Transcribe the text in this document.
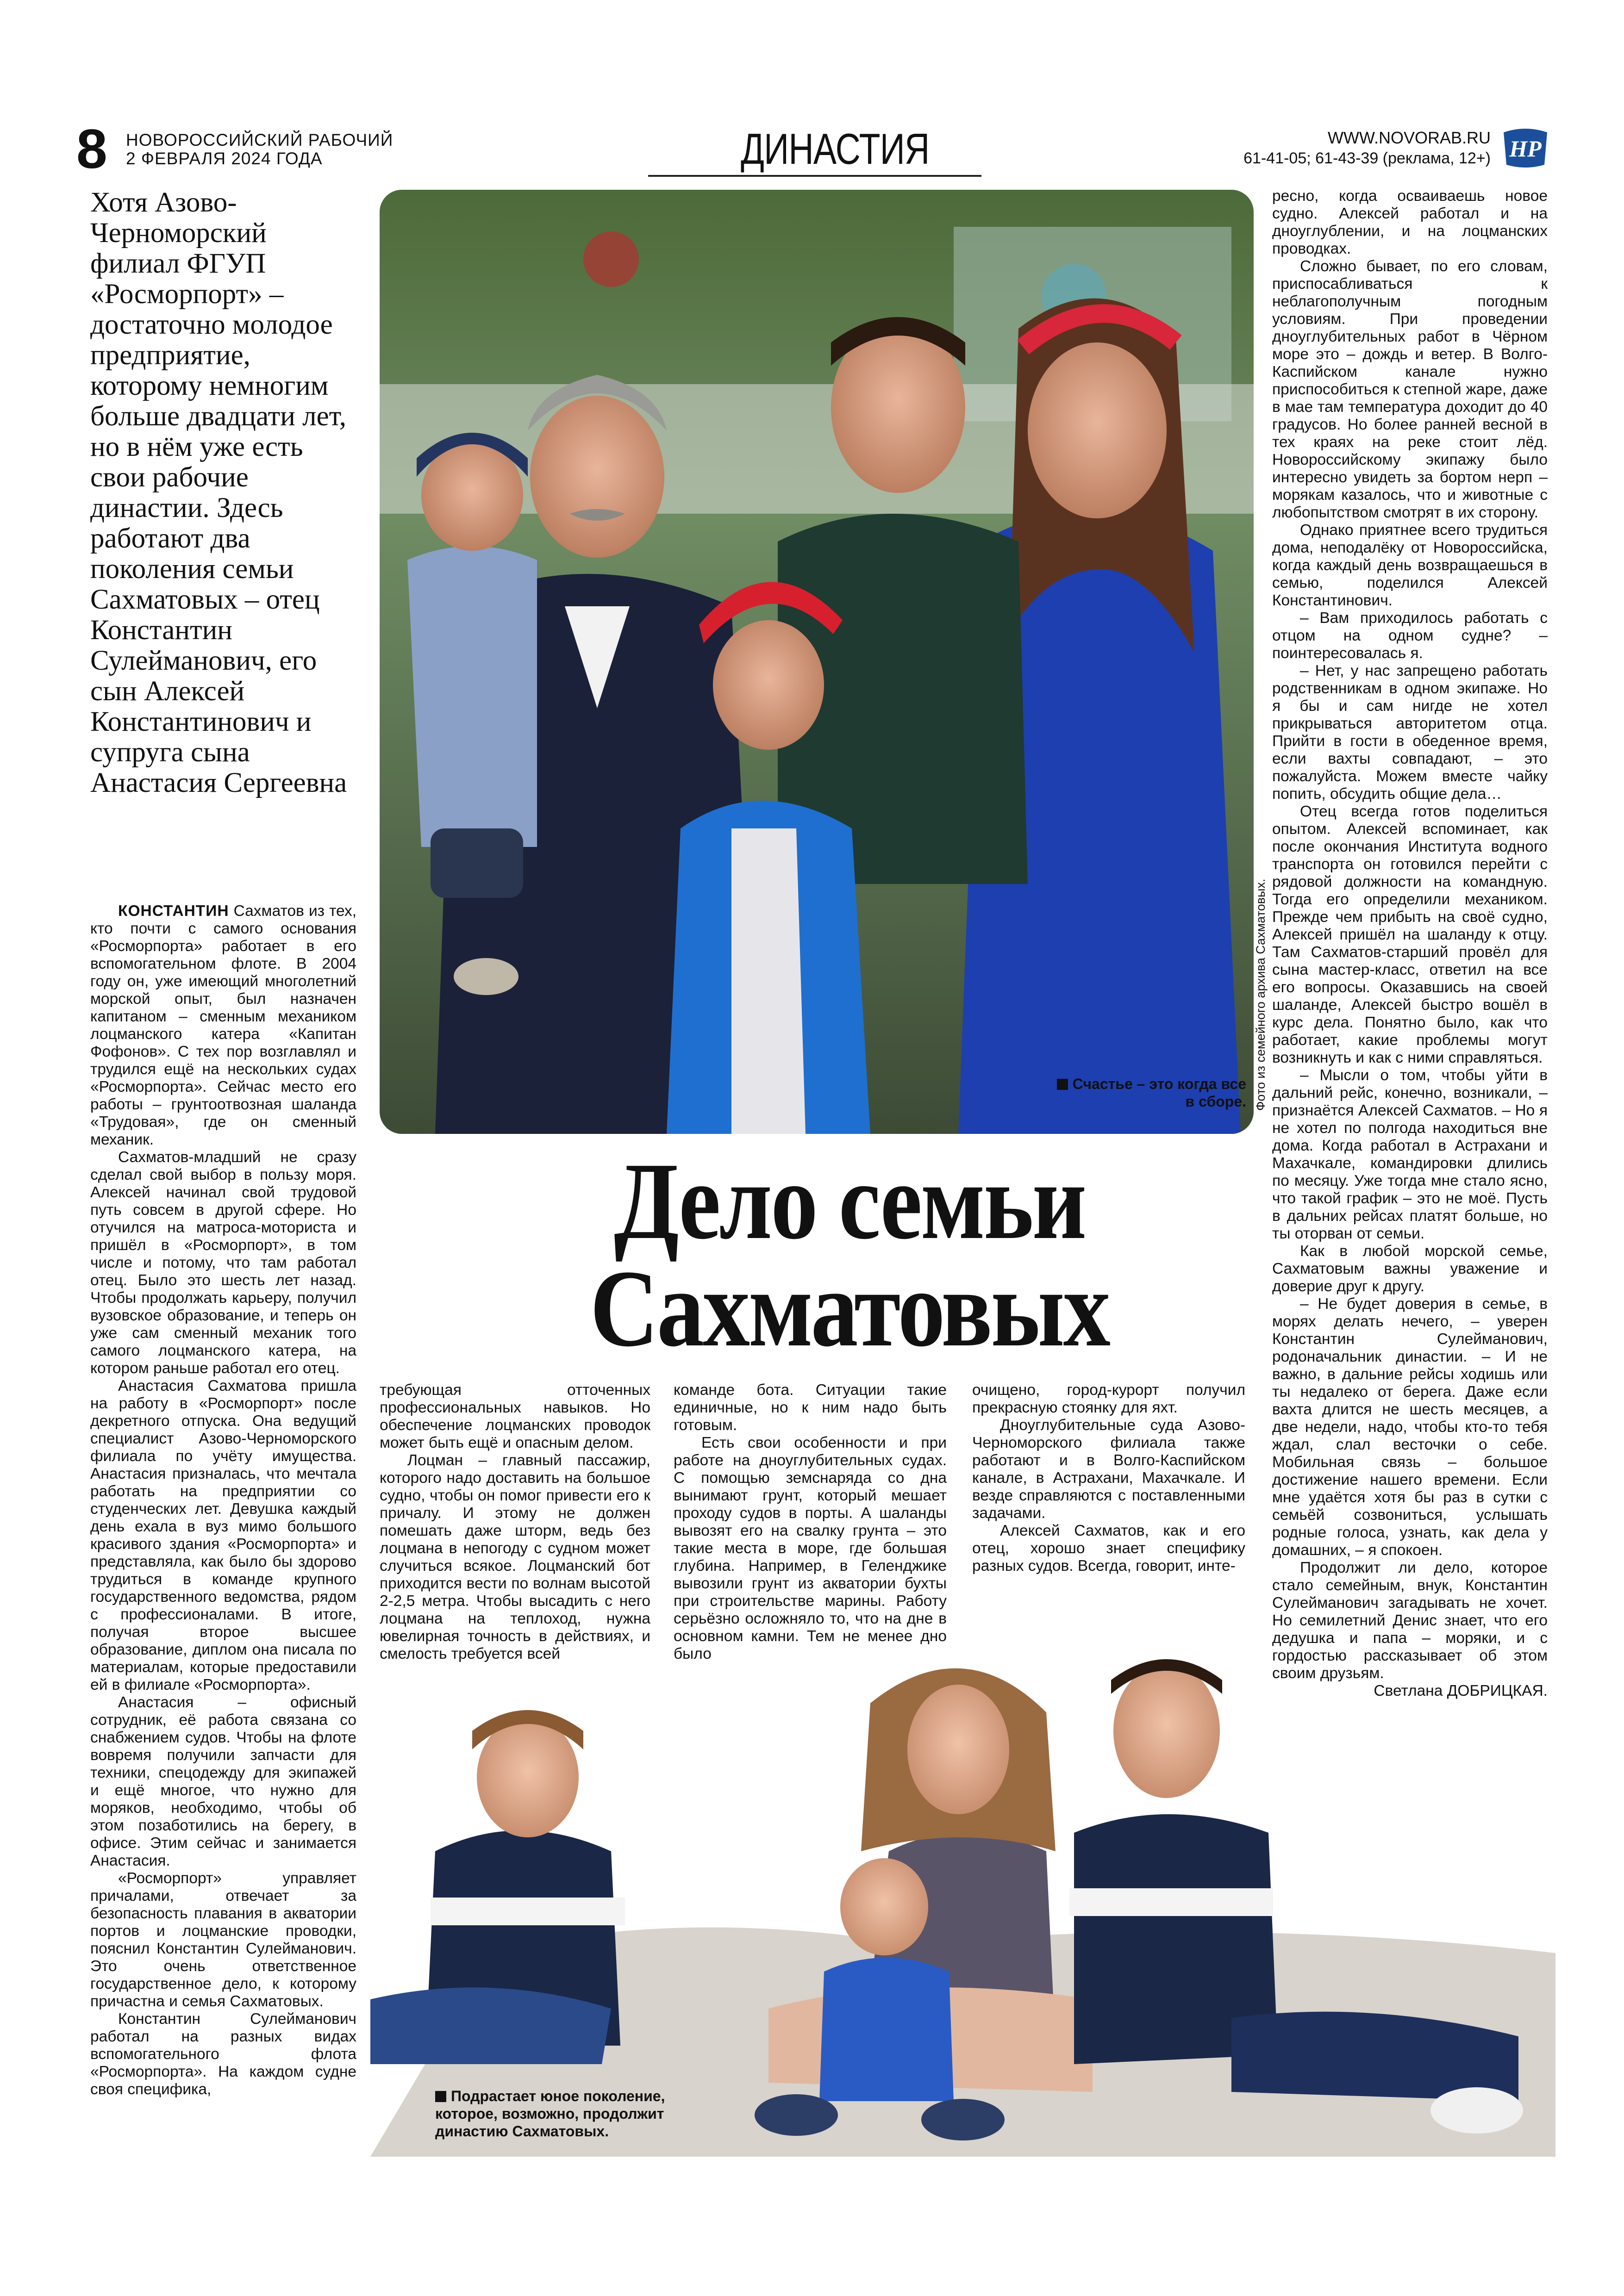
8 НОВОРОССИЙСКИЙ РАБОЧИЙ
2 ФЕВРАЛЯ 2024 ГОДА	ДИНАСТИЯ	WWW.NOVORAB.RU
61-41-05; 61-43-39 (реклама, 12+) НР
Хотя Азово-Черноморский филиал ФГУП «Росморпорт» – достаточно молодое предприятие, которому немногим больше двадцати лет, но в нём уже есть свои рабочие династии. Здесь работают два поколения семьи Сахматовых – отец Константин Сулейманович, его сын Алексей Константинович и супруга сына Анастасия Сергеевна
Счастье – это когда все в сборе. Фото из семейного архива Сахматовых.
Дело семьи
Сахматовых
Подрастает юное поколение, которое, возможно, продолжит династию Сахматовых.

КОНСТАНТИН Сахматов из тех, кто почти с самого основания «Росморпорта» работает в его вспомогательном флоте. В 2004 году он, уже имеющий многолетний морской опыт, был назначен капитаном – сменным механиком лоцманского катера «Капитан Фофонов». С тех пор возглавлял и трудился ещё на нескольких судах «Росморпорта». Сейчас место его работы – грунтоотвозная шаланда «Трудовая», где он сменный механик.

Сахматов-младший не сразу сделал свой выбор в пользу моря. Алексей начинал свой трудовой путь совсем в другой сфере. Но отучился на матроса-моториста и пришёл в «Росморпорт», в том числе и потому, что там работал отец. Было это шесть лет назад. Чтобы продолжать карьеру, получил вузовское образование, и теперь он уже сам сменный механик того самого лоцманского катера, на котором раньше работал его отец.

Анастасия Сахматова пришла на работу в «Росморпорт» после декретного отпуска. Она ведущий специалист Азово-Черноморского филиала по учёту имущества. Анастасия призналась, что мечтала работать на предприятии со студенческих лет. Девушка каждый день ехала в вуз мимо большого красивого здания «Росморпорта» и представляла, как было бы здорово трудиться в команде крупного государственного ведомства, рядом с профессионалами. В итоге, получая второе высшее образование, диплом она писала по материалам, которые предоставили ей в филиале «Росморпорта».

Анастасия – офисный сотрудник, её работа связана со снабжением судов. Чтобы на флоте вовремя получили запчасти для техники, спецодежду для экипажей и ещё многое, что нужно для моряков, необходимо, чтобы об этом позаботились на берегу, в офисе. Этим сейчас и занимается Анастасия.

«Росморпорт» управляет причалами, отвечает за безопасность плавания в акватории портов и лоцманские проводки, пояснил Константин Сулейманович. Это очень ответственное государственное дело, к которому причастна и семья Сахматовых.

Константин Сулейманович работал на разных видах вспомогательного флота «Росморпорта». На каждом судне своя специфика,

требующая отточенных профессиональных навыков. Но обеспечение лоцманских проводок может быть ещё и опасным делом.

Лоцман – главный пассажир, которого надо доставить на большое судно, чтобы он помог привести его к причалу. И этому не должен помешать даже шторм, ведь без лоцмана в непогоду с судном может случиться всякое. Лоцманский бот приходится вести по волнам высотой 2-2,5 метра. Чтобы высадить с него лоцмана на теплоход, нужна ювелирная точность в действиях, и смелость требуется всей

команде бота. Ситуации такие единичные, но к ним надо быть готовым.

Есть свои особенности и при работе на дноуглубительных судах. С помощью земснаряда со дна вынимают грунт, который мешает проходу судов в порты. А шаланды вывозят его на свалку грунта – это такие места в море, где большая глубина. Например, в Геленджике вывозили грунт из акватории бухты при строительстве марины. Работу серьёзно осложняло то, что на дне в основном камни. Тем не менее дно было

очищено, город-курорт получил прекрасную стоянку для яхт.

Дноуглубительные суда Азово-Черноморского филиала также работают и в Волго-Каспийском канале, в Астрахани, Махачкале. И везде справляются с поставленными задачами.

Алексей Сахматов, как и его отец, хорошо знает специфику разных судов. Всегда, говорит, инте-

ресно, когда осваиваешь новое судно. Алексей работал и на дноуглублении, и на лоцманских проводках.

Сложно бывает, по его словам, приспосабливаться к неблагополучным погодным условиям. При проведении дноуглубительных работ в Чёрном море это – дождь и ветер. В Волго-Каспийском канале нужно приспособиться к степной жаре, даже в мае там температура доходит до 40 градусов. Но более ранней весной в тех краях на реке стоит лёд. Новороссийскому экипажу было интересно увидеть за бортом нерп – морякам казалось, что и животные с любопытством смотрят в их сторону.

Однако приятнее всего трудиться дома, неподалёку от Новороссийска, когда каждый день возвращаешься в семью, поделился Алексей Константинович.

– Вам приходилось работать с отцом на одном судне? – поинтересовалась я.

– Нет, у нас запрещено работать родственникам в одном экипаже. Но я бы и сам нигде не хотел прикрываться авторитетом отца. Прийти в гости в обеденное время, если вахты совпадают, – это пожалуйста. Можем вместе чайку попить, обсудить общие дела…

Отец всегда готов поделиться опытом. Алексей вспоминает, как после окончания Института водного транспорта он готовился перейти с рядовой должности на командную. Тогда его определили механиком. Прежде чем прибыть на своё судно, Алексей пришёл на шаланду к отцу. Там Сахматов-старший провёл для сына мастер-класс, ответил на все его вопросы. Оказавшись на своей шаланде, Алексей быстро вошёл в курс дела. Понятно было, как что работает, какие проблемы могут возникнуть и как с ними справляться.

– Мысли о том, чтобы уйти в дальний рейс, конечно, возникали, – признаётся Алексей Сахматов. – Но я не хотел по полгода находиться вне дома. Когда работал в Астрахани и Махачкале, командировки длились по месяцу. Уже тогда мне стало ясно, что такой график – это не моё. Пусть в дальних рейсах платят больше, но ты оторван от семьи.

Как в любой морской семье, Сахматовым важны уважение и доверие друг к другу.

– Не будет доверия в семье, в морях делать нечего, – уверен Константин Сулейманович, родоначальник династии. – И не важно, в дальние рейсы ходишь или ты недалеко от берега. Даже если вахта длится не шесть месяцев, а две недели, надо, чтобы кто-то тебя ждал, слал весточки о себе. Мобильная связь – большое достижение нашего времени. Если мне удаётся хотя бы раз в сутки с семьёй созвониться, услышать родные голоса, узнать, как дела у домашних, – я спокоен.

Продолжит ли дело, которое стало семейным, внук, Константин Сулейманович загадывать не хочет. Но семилетний Денис знает, что его дедушка и папа – моряки, и с гордостью рассказывает об этом своим друзьям.

Светлана ДОБРИЦКАЯ.
